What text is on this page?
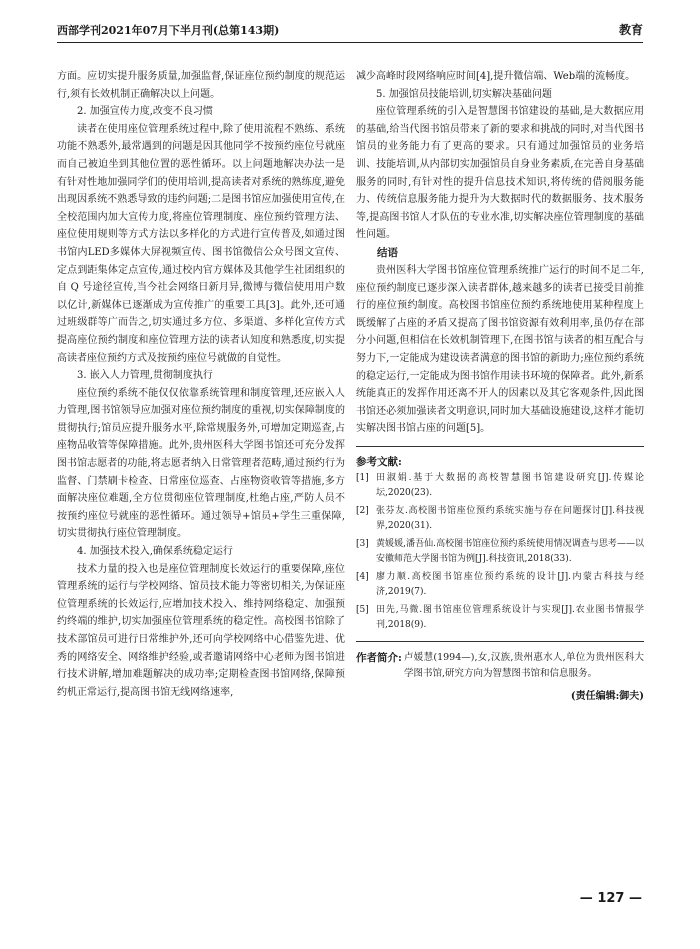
西部学刊2021年07月下半月刊(总第143期)	教育

方面。应切实提升服务质量,加强监督,保证座位预约制度的规范运行,须有长效机制正确解决以上问题。

2. 加强宣传力度,改变不良习惯

读者在使用座位管理系统过程中,除了使用流程不熟练、系统功能不熟悉外,最常遇到的问题是因其他同学不按预约座位号就座而自己被迫坐到其他位置的恶性循环。以上问题地解决办法一是有针对性地加强同学们的使用培训,提高读者对系统的熟练度,避免出现因系统不熟悉导致的违约问题;二是图书馆应加强使用宣传,在全校范围内加大宣传力度,将座位管理制度、座位预约管理方法、座位使用规则等方式方法以多样化的方式进行宣传普及,如通过图书馆内LED多媒体大屏视频宣传、图书馆微信公众号图文宣传、定点到距集体定点宣传,通过校内官方媒体及其他学生社团组织的自 Q 号途径宣传,当今社会网络日新月异,微博与微信使用用户数以亿计,新媒体已逐渐成为宣传推广的重要工具[3]。此外,还可通过班级群等广而告之,切实通过多方位、多渠道、多样化宣传方式提高座位预约制度和座位管理方法的读者认知度和熟悉度,切实提高读者座位预约方式及按预约座位号就做的自觉性。

3. 嵌入人力管理,贯彻制度执行

座位预约系统不能仅仅依靠系统管理和制度管理,还应嵌入人力管理,图书馆领导应加强对座位预约制度的重视,切实保障制度的贯彻执行;馆员应提升服务水平,除常规服务外,可增加定期巡查,占座物品收管等保障措施。此外,贵州医科大学图书馆还可充分发挥图书馆志愿者的功能,将志愿者纳入日常管理者范畴,通过预约行为监督、门禁刷卡检查、日常座位巡查、占座物资收管等措施,多方面解决座位难题,全方位贯彻座位管理制度,杜绝占座,严防人员不按预约座位号就座的恶性循环。通过领导+馆员+学生三重保障,切实贯彻执行座位管理制度。

4. 加强技术投入,确保系统稳定运行

技术力量的投入也是座位管理制度长效运行的重要保障,座位管理系统的运行与学校网络、馆员技术能力等密切相关,为保证座位管理系统的长效运行,应增加技术投入、维持网络稳定、加强预约终端的维护,切实加强座位管理系统的稳定性。高校图书馆除了技术部馆员可进行日常维护外,还可向学校网络中心借鉴先进、优秀的网络安全、网络维护经验,或者邀请网络中心老师为图书馆进行技术讲解,增加难题解决的成功率;定期检查图书馆网络,保障预约机正常运行,提高图书馆无线网络速率,

减少高峰时段网络响应时间[4],提升微信端、Web端的流畅度。

5. 加强馆员技能培训,切实解决基础问题

座位管理系统的引入是智慧图书馆建设的基础,是大数据应用的基础,给当代图书馆员带来了新的要求和挑战的同时,对当代图书馆员的业务能力有了更高的要求。只有通过加强馆员的业务培训、技能培训,从内部切实加强馆员自身业务素质,在完善自身基础服务的同时,有针对性的提升信息技术知识,将传统的借阅服务能力、传统信息服务能力提升为大数据时代的数据服务、技术服务等,提高图书馆人才队伍的专业水准,切实解决座位管理制度的基础性问题。

结语

贵州医科大学图书馆座位管理系统推广运行的时间不足二年,座位预约制度已逐步深入读者群体,越来越多的读者已接受目前推行的座位预约制度。高校图书馆座位预约系统地使用某种程度上既缓解了占座的矛盾又提高了图书馆资源有效利用率,虽仍存在部分小问题,但相信在长效机制管理下,在图书馆与读者的相互配合与努力下,一定能成为建设读者满意的图书馆的新助力;座位预约系统的稳定运行,一定能成为图书馆作用读书环境的保障者。此外,新系统能真正的发挥作用还离不开人的因素以及其它客观条件,因此图书馆还必须加强读者文明意识,同时加大基础设施建设,这样才能切实解决图书馆占座的问题[5]。

参考文献:
[1] 田淑娟.基于大数据的高校智慧图书馆建设研究[J].传媒论坛,2020(23).
[2] 张芬友.高校图书馆座位预约系统实施与存在问题探讨[J].科技视界,2020(31).
[3] 黄媛媛,潘吾仙.高校图书馆座位预约系统使用情况调查与思考——以安徽师范大学图书馆为例[J].科技资讯,2018(33).
[4] 廖力顺.高校图书馆座位预约系统的设计[J].内蒙古科技与经济,2019(7).
[5] 田先,马微.图书馆座位管理系统设计与实现[J].农业图书情报学刊,2018(9).
作者简介: 卢媛慧(1994—),女,汉族,贵州惠水人,单位为贵州医科大学图书馆,研究方向为智慧图书馆和信息服务。
(责任编辑:御夫)
— 127 —
